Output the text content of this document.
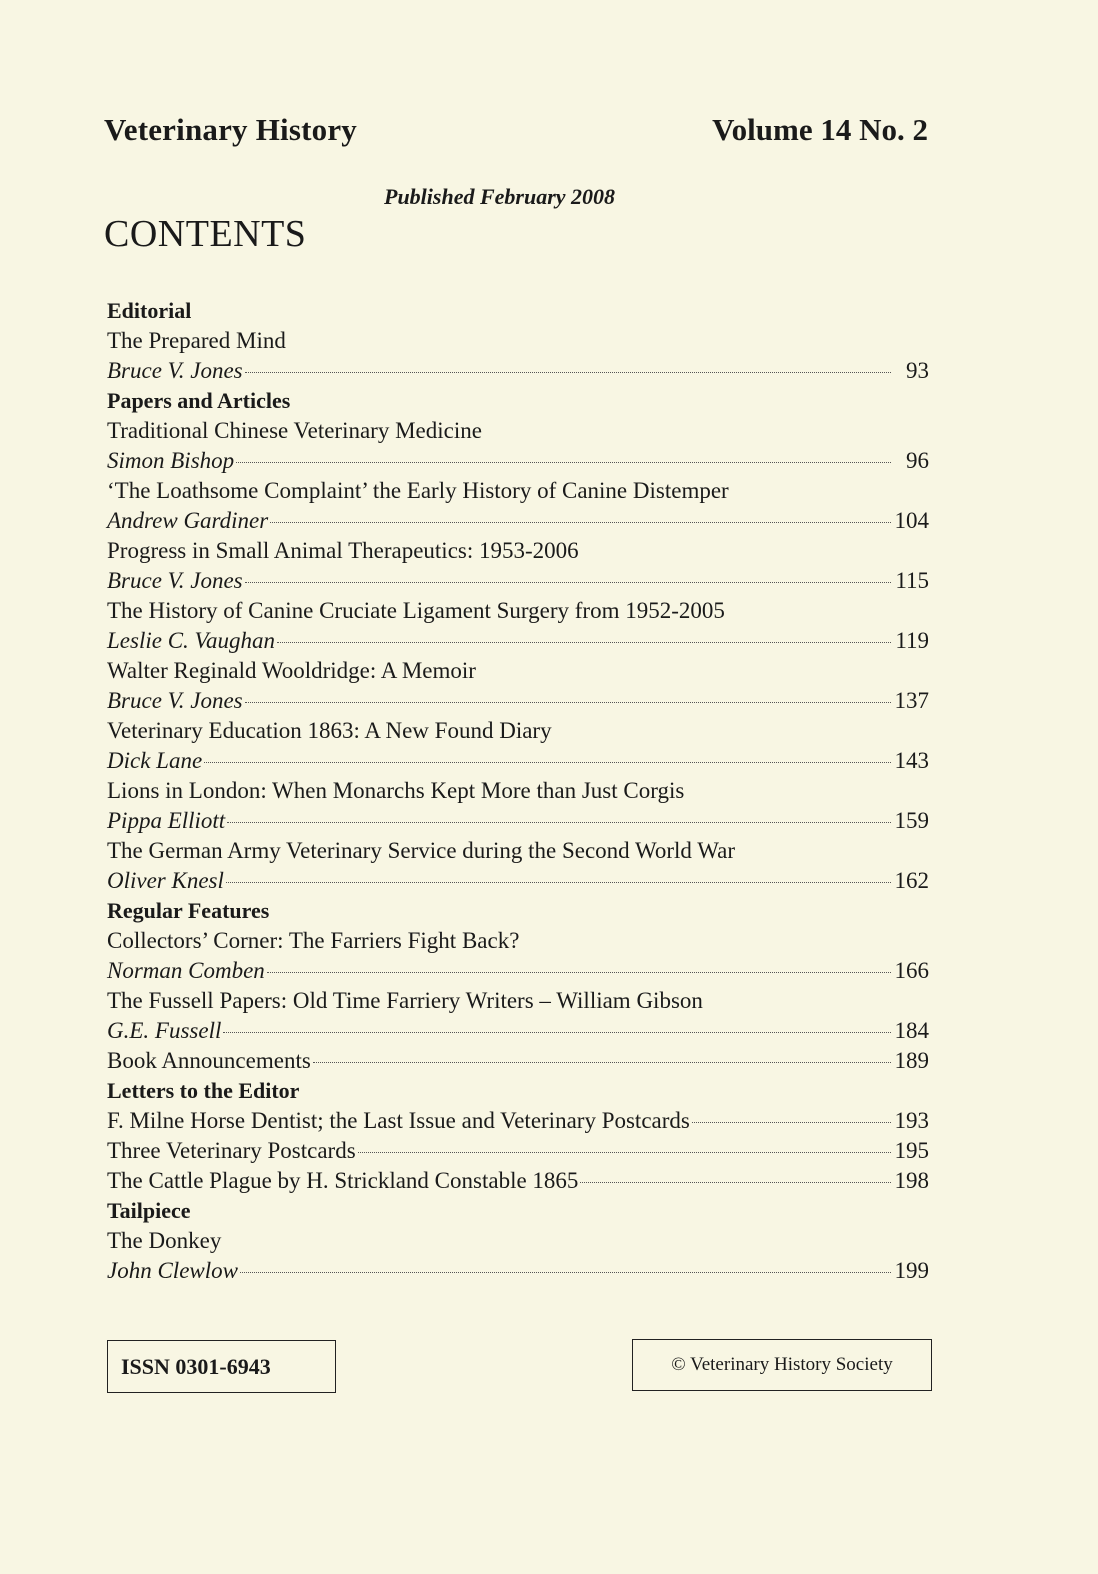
Veterinary History	Volume 14 No. 2
Published February 2008
CONTENTS
Editorial
The Prepared Mind
Bruce V. Jones	93
Papers and Articles
Traditional Chinese Veterinary Medicine
Simon Bishop	96
‘The Loathsome Complaint’ the Early History of Canine Distemper
Andrew Gardiner	104
Progress in Small Animal Therapeutics: 1953-2006
Bruce V. Jones	115
The History of Canine Cruciate Ligament Surgery from 1952-2005
Leslie C. Vaughan	119
Walter Reginald Wooldridge: A Memoir
Bruce V. Jones	137
Veterinary Education 1863: A New Found Diary
Dick Lane	143
Lions in London: When Monarchs Kept More than Just Corgis
Pippa Elliott	159
The German Army Veterinary Service during the Second World War
Oliver Knesl	162
Regular Features
Collectors’ Corner: The Farriers Fight Back?
Norman Comben	166
The Fussell Papers: Old Time Farriery Writers – William Gibson
G.E. Fussell	184
Book Announcements	189
Letters to the Editor
F. Milne Horse Dentist; the Last Issue and Veterinary Postcards	193
Three Veterinary Postcards	195
The Cattle Plague by H. Strickland Constable 1865	198
Tailpiece
The Donkey
John Clewlow	199
ISSN 0301-6943	© Veterinary History Society
